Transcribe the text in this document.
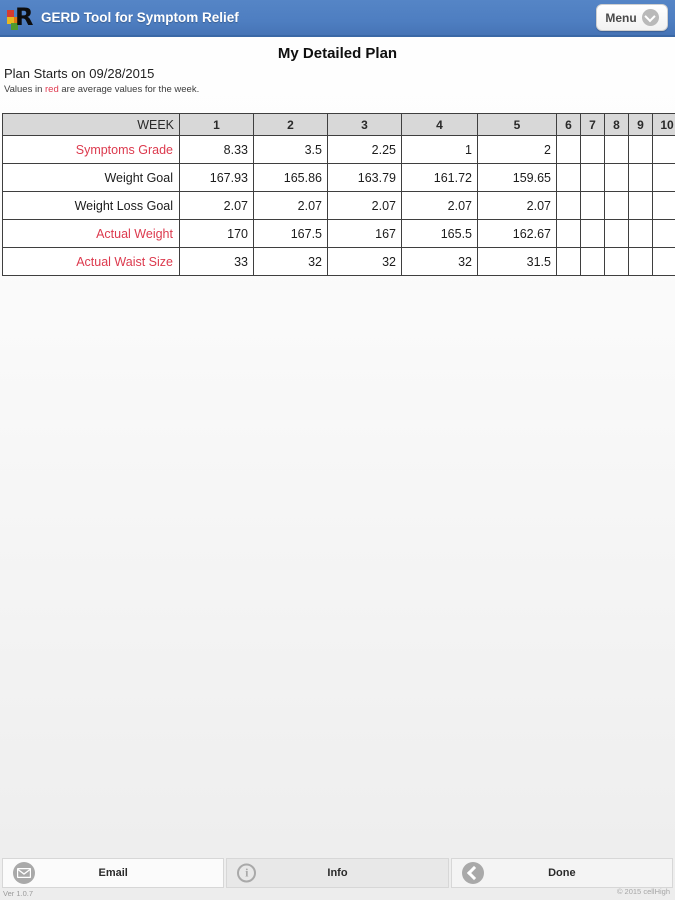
R GERD Tool for Symptom Relief	Menu
My Detailed Plan
Plan Starts on 09/28/2015
Values in red are average values for the week.
WEEK	1	2	3	4	5	6	7	8	9	10
Symptoms Grade	8.33	3.5	2.25	1	2					
Weight Goal	167.93	165.86	163.79	161.72	159.65					
Weight Loss Goal	2.07	2.07	2.07	2.07	2.07					
Actual Weight	170	167.5	167	165.5	162.67					
Actual Waist Size	33	32	32	32	31.5					
Email	i	Info	Done
Ver 1.0.7	© 2015 cellHigh
